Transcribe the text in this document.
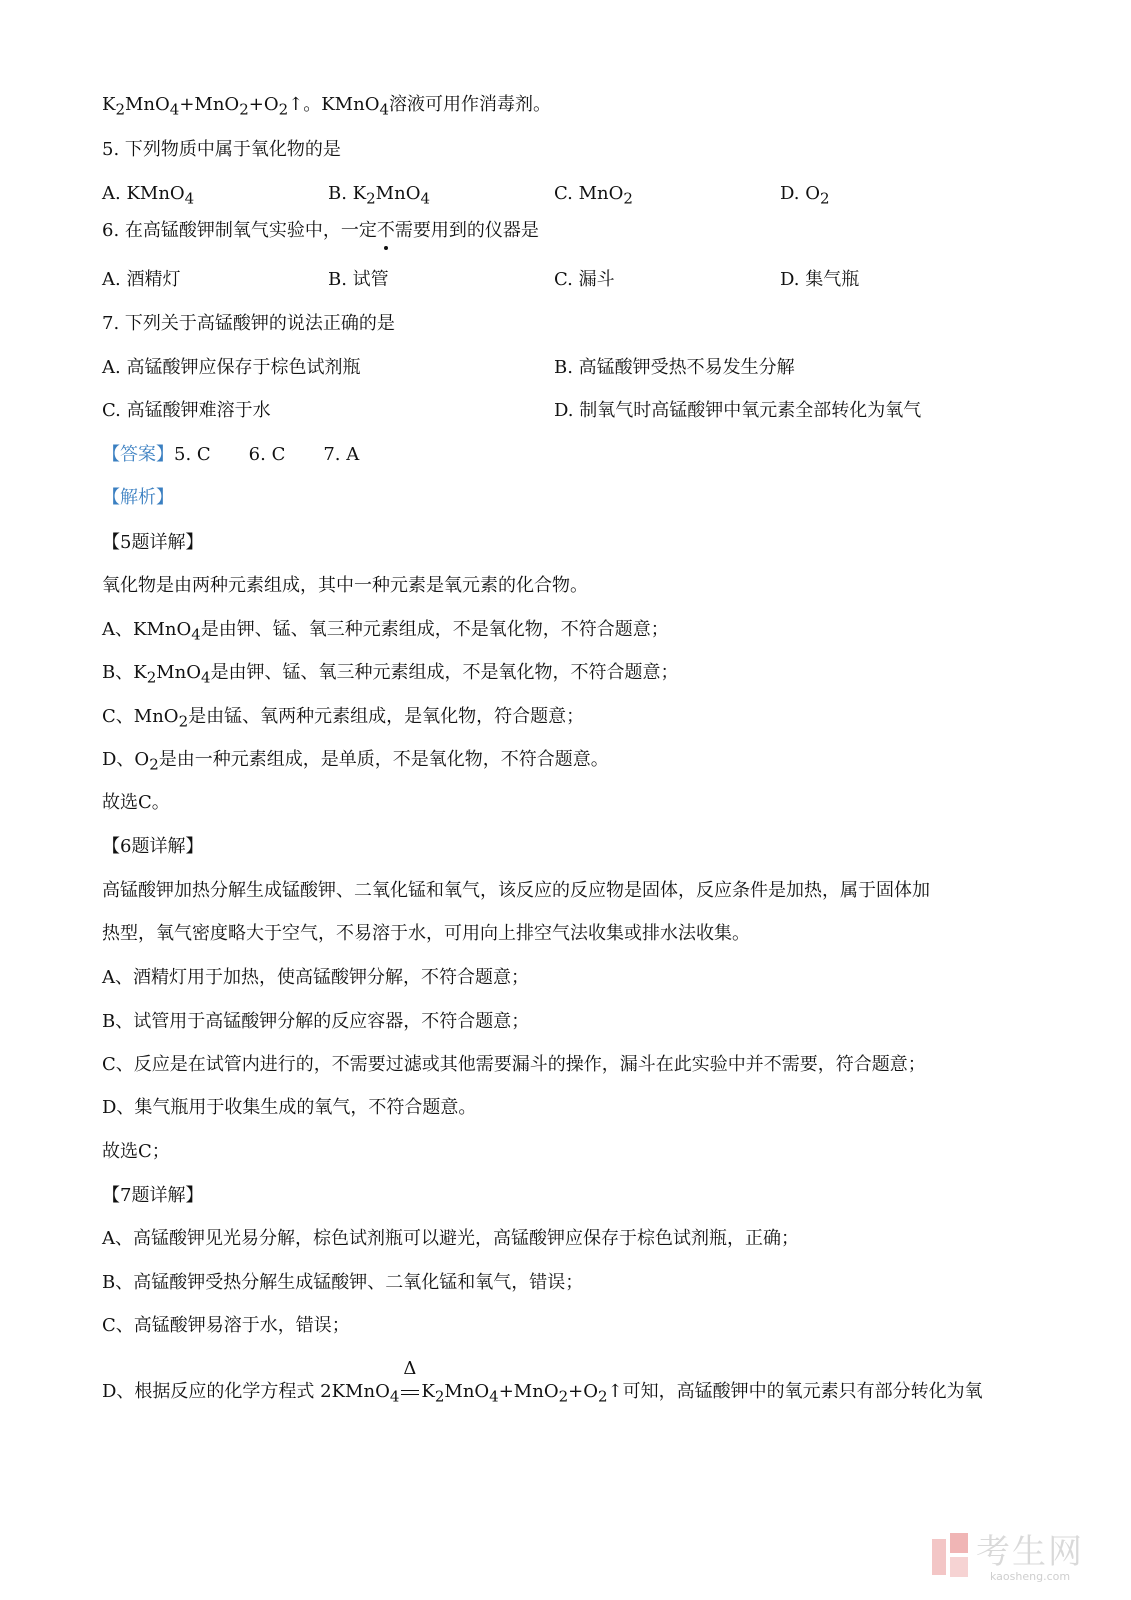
$K_2MnO_4+MnO_2+O_2↑$。KMnO$_4$溶液可用作消毒剂。
5. 下列物质中属于氧化物的是
A. KMnO$_4$	B. $K_2MnO_4$	C. MnO$_2$	D. $O_2$
6. 在高锰酸钾制氧气实验中，一定不需要用到的仪器是
A. 酒精灯	B. 试管	C. 漏斗	D. 集气瓶
7. 下列关于高锰酸钾的说法正确的是
A. 高锰酸钾应保存于棕色试剂瓶	B. 高锰酸钾受热不易发生分解
C. 高锰酸钾难溶于水	D. 制氧气时高锰酸钾中氧元素全部转化为氧气
【答案】5. C 6. C 7. A
【解析】
【5题详解】
氧化物是由两种元素组成，其中一种元素是氧元素的化合物。
A、KMnO$_4$是由钾、锰、氧三种元素组成，不是氧化物，不符合题意；
B、$K_2MnO_4$是由钾、锰、氧三种元素组成，不是氧化物，不符合题意；
C、MnO$_2$是由锰、氧两种元素组成，是氧化物，符合题意；
D、$O_2$是由一种元素组成，是单质，不是氧化物，不符合题意。
故选C。
【6题详解】
高锰酸钾加热分解生成锰酸钾、二氧化锰和氧气，该反应的反应物是固体，反应条件是加热，属于固体加
热型，氧气密度略大于空气，不易溶于水，可用向上排空气法收集或排水法收集。
A、酒精灯用于加热，使高锰酸钾分解，不符合题意；
B、试管用于高锰酸钾分解的反应容器，不符合题意；
C、反应是在试管内进行的，不需要过滤或其他需要漏斗的操作，漏斗在此实验中并不需要，符合题意；
D、集气瓶用于收集生成的氧气，不符合题意。
故选C；
【7题详解】
A、高锰酸钾见光易分解，棕色试剂瓶可以避光，高锰酸钾应保存于棕色试剂瓶，正确；
B、高锰酸钾受热分解生成锰酸钾、二氧化锰和氧气，错误；
C、高锰酸钾易溶于水，错误；
D、根据反应的化学方程式 2KMnO$_4$
Δ
$K_2MnO_4+MnO_2+O_2↑$可知，高锰酸钾中的氧元素只有部分转化为氧
考生网
kaosheng.com
